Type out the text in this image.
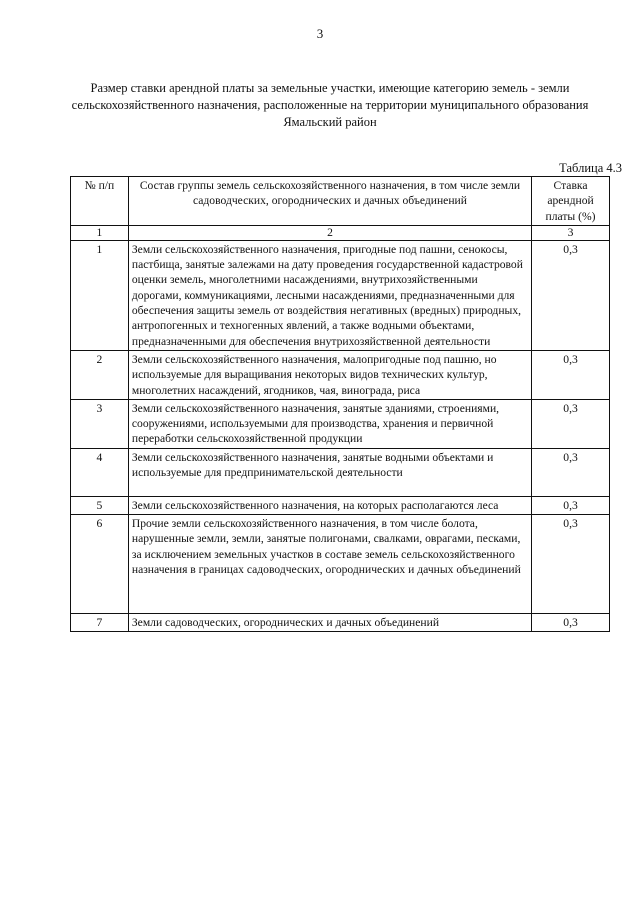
3
Размер ставки арендной платы за земельные участки, имеющие категорию земель - земли сельскохозяйственного назначения, расположенные на территории муниципального образования Ямальский район
Таблица 4.3
№ п/п	Состав группы земель сельскохозяйственного назначения, в том числе земли садоводческих, огороднических и дачных объединений	Ставка арендной платы (%)
1	2	3
1	Земли сельскохозяйственного назначения, пригодные под пашни, сенокосы, пастбища, занятые залежами на дату проведения государственной кадастровой оценки земель, многолетними насаждениями, внутрихозяйственными дорогами, коммуникациями, лесными насаждениями, предназначенными для обеспечения защиты земель от воздействия негативных (вредных) природных, антропогенных и техногенных явлений, а также водными объектами, предназначенными для обеспечения внутрихозяйственной деятельности	0,3
2	Земли сельскохозяйственного назначения, малопригодные под пашню, но используемые для выращивания некоторых видов технических культур, многолетних насаждений, ягодников, чая, винограда, риса	0,3
3	Земли сельскохозяйственного назначения, занятые зданиями, строениями, сооружениями, используемыми для производства, хранения и первичной переработки сельскохозяйственной продукции	0,3
4	Земли сельскохозяйственного назначения, занятые водными объектами и используемые для предпринимательской деятельности	0,3
5	Земли сельскохозяйственного назначения, на которых располагаются леса	0,3
6	Прочие земли сельскохозяйственного назначения, в том числе болота, нарушенные земли, земли, занятые полигонами, свалками, оврагами, песками, за исключением земельных участков в составе земель сельскохозяйственного назначения в границах садоводческих, огороднических и дачных объединений	0,3
7	Земли садоводческих, огороднических и дачных объединений	0,3
